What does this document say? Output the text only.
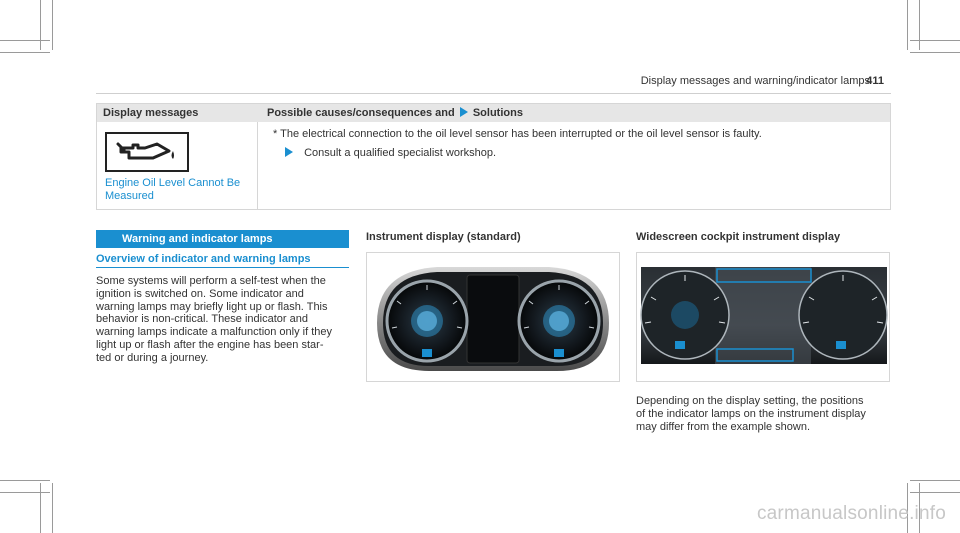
Display messages and warning/indicator lamps
411
Display messages	Possible causes/consequences and Solutions
Engine Oil Level Cannot Be
Measured
* The electrical connection to the oil level sensor has been interrupted or the oil level sensor is faulty.
Consult a qualified specialist workshop.
Warning and indicator lamps
Overview of indicator and warning lamps
Some systems will perform a self-test when the
ignition is switched on. Some indicator and
warning lamps may briefly light up or flash. This
behavior is non-critical. These indicator and
warning lamps indicate a malfunction only if they
light up or flash after the engine has been star-
ted or during a journey.
Instrument display (standard)	Widescreen cockpit instrument display
Depending on the display setting, the positions
of the indicator lamps on the instrument display
may differ from the example shown.
carmanualsonline.info
